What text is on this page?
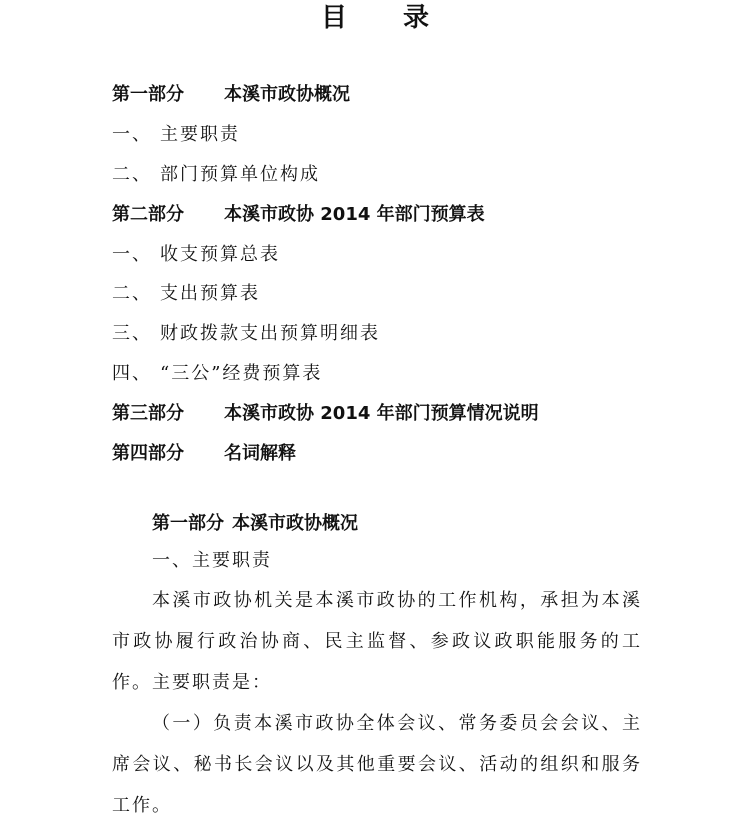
目 录
第一部分 本溪市政协概况
一、 主要职责
二、 部门预算单位构成
第二部分 本溪市政协 2014 年部门预算表
一、 收支预算总表
二、 支出预算表
三、 财政拨款支出预算明细表
四、 “三公”经费预算表
第三部分 本溪市政协 2014 年部门预算情况说明
第四部分 名词解释
第一部分 本溪市政协概况
一、主要职责

本溪市政协机关是本溪市政协的工作机构，承担为本溪市政协履行政治协商、民主监督、参政议政职能服务的工作。主要职责是：

（一）负责本溪市政协全体会议、常务委员会会议、主席会议、秘书长会议以及其他重要会议、活动的组织和服务工作。
